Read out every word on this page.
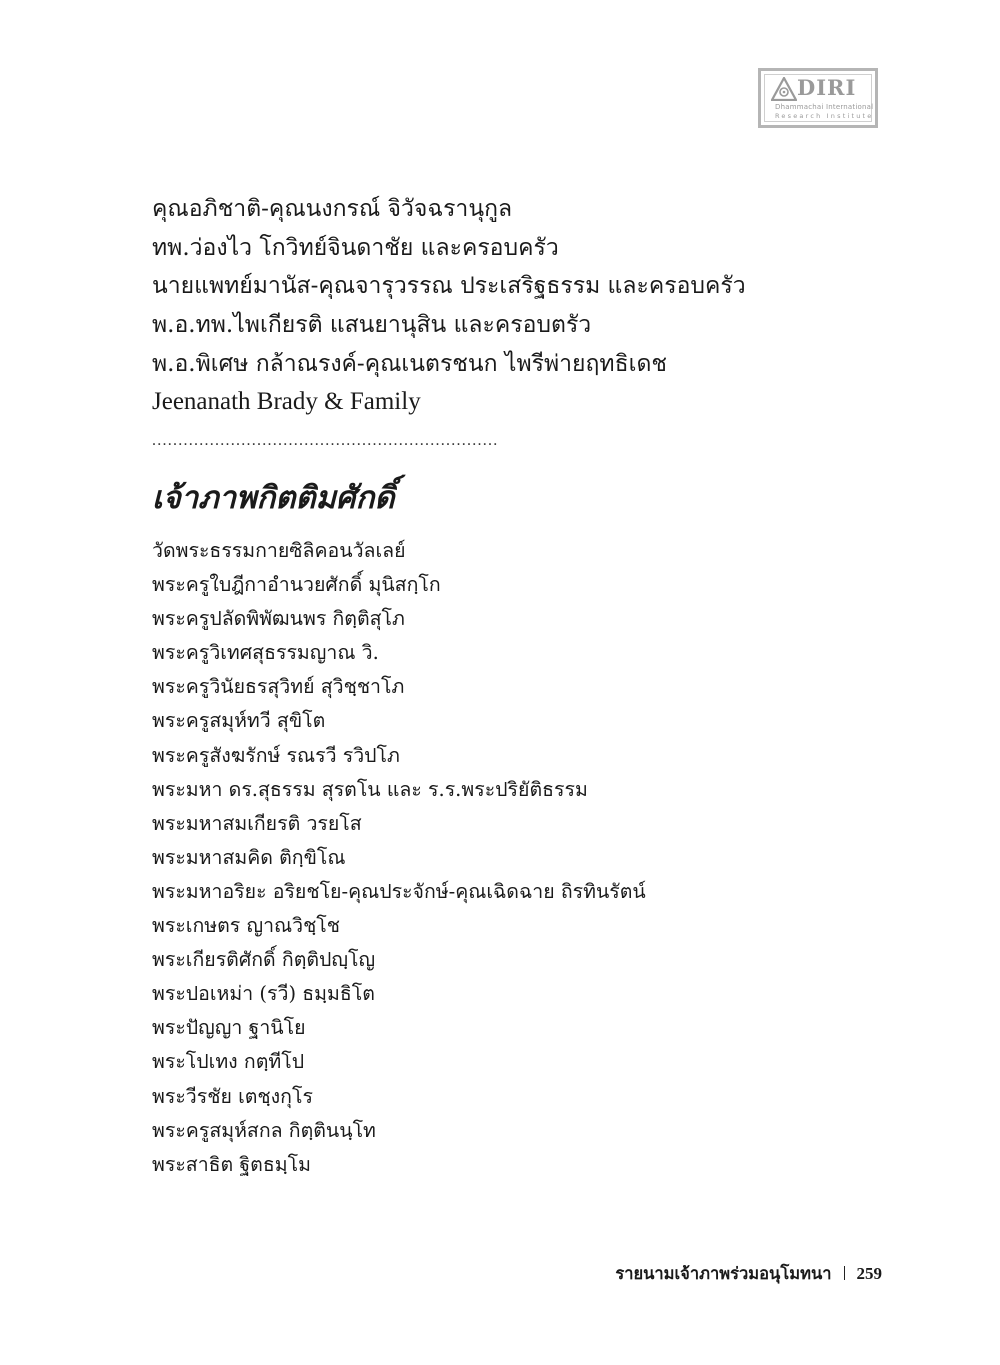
DIRI
Dhammachai International
Research Institute
คุณอภิชาติ-คุณนงกรณ์ จิวัจฉรานุกูล
ทพ.ว่องไว โกวิทย์จินดาชัย และครอบครัว
นายแพทย์มานัส-คุณจารุวรรณ ประเสริฐธรรม และครอบครัว
พ.อ.ทพ.ไพเกียรติ แสนยานุสิน และครอบตรัว
พ.อ.พิเศษ กล้าณรงค์-คุณเนตรชนก ไพรีพ่ายฤทธิเดช
Jeenanath Brady & Family
..................................................................
เจ้าภาพกิตติมศักดิ์
วัดพระธรรมกายซิลิคอนวัลเลย์
พระครูใบฎีกาอำนวยศักดิ์ มุนิสกฺโก
พระครูปลัดพิพัฒนพร กิตฺติสุโภ
พระครูวิเทศสุธรรมญาณ วิ.
พระครูวินัยธรสุวิทย์ สุวิชฺชาโภ
พระครูสมุห์ทวี สุขิโต
พระครูสังฆรักษ์ รณรวี รวิปโภ
พระมหา ดร.สุธรรม สุรตโน และ ร.ร.พระปริยัติธรรม
พระมหาสมเกียรติ วรยโส
พระมหาสมคิด ติกฺขิโณ
พระมหาอริยะ อริยชโย-คุณประจักษ์-คุณเฉิดฉาย ถิรทินรัตน์
พระเกษตร ญาณวิชฺโช
พระเกียรติศักดิ์ กิตฺติปญฺโญ
พระปอเหม่า (รวี) ธมฺมธิโต
พระปัญญา ฐานิโย
พระโปเทง กตฺทีโป
พระวีรชัย เตชฺงกุโร
พระครูสมุห์สกล กิตฺตินนฺโท
พระสาธิต ฐิตธมฺโม
รายนามเจ้าภาพร่วมอนุโมทนา 259
